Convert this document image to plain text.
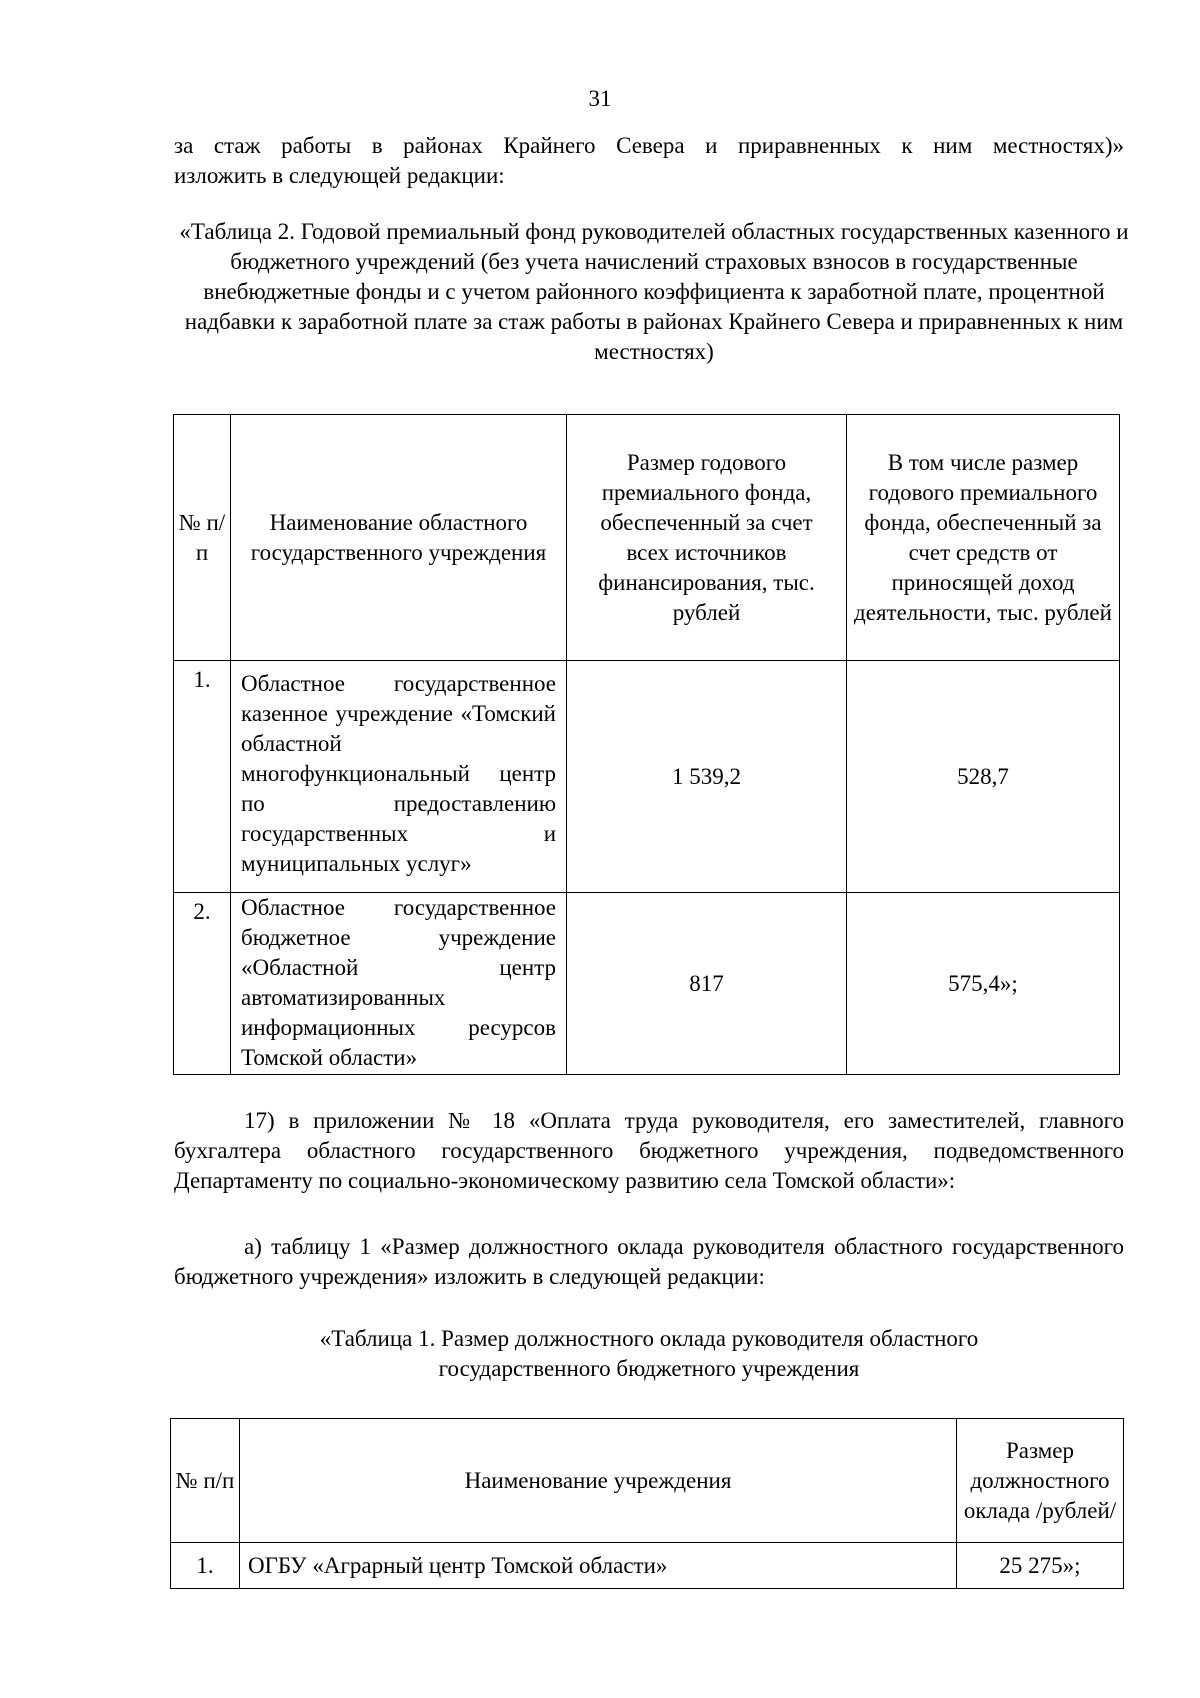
31

за стаж работы в районах Крайнего Севера и приравненных к ним местностях)»

изложить в следующей редакции:

«Таблица 2. Годовой премиальный фонд руководителей областных государственных казенного и бюджетного учреждений (без учета начислений страховых взносов в государственные внебюджетные фонды и с учетом районного коэффициента к заработной плате, процентной надбавки к заработной плате за стаж работы в районах Крайнего Севера и приравненных к ним местностях)
№ п/п	Наименование областного государственного учреждения	Размер годового премиального фонда, обеспеченный за счет всех источников финансирования, тыс. рублей	В том числе размер годового премиального фонда, обеспеченный за счет средств от приносящей доход деятельности, тыс. рублей
1.	Областное государственное казенное учреждение «Томский областной многофункциональный центр по предоставлению государственных и муниципальных услуг»	1 539,2	528,7
2.	Областное государственное бюджетное учреждение «Областной центр автоматизированных информационных ресурсов Томской области»	817	575,4»;
17) в приложении № 18 «Оплата труда руководителя, его заместителей, главного бухгалтера областного государственного бюджетного учреждения, подведомственного Департаменту по социально-экономическому развитию села Томской области»:
а) таблицу 1 «Размер должностного оклада руководителя областного государственного бюджетного учреждения» изложить в следующей редакции:

«Таблица 1. Размер должностного оклада руководителя областного

государственного бюджетного учреждения

№ п/п	Наименование учреждения	Размер должностного оклада /рублей/
1.	ОГБУ «Аграрный центр Томской области»	25 275»;
